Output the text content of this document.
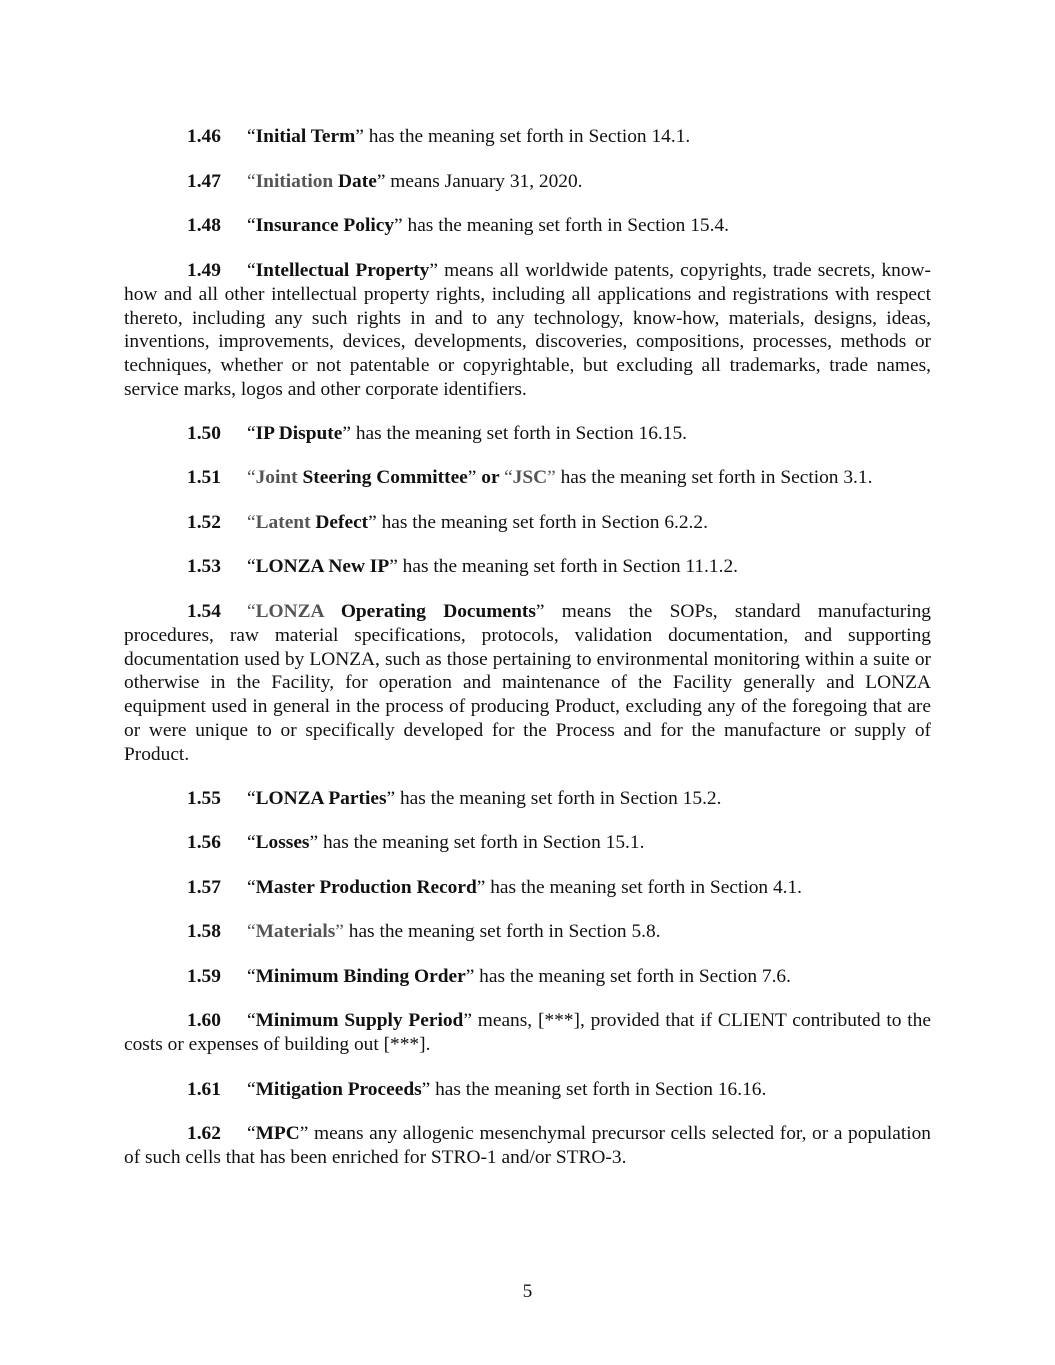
1.46 “Initial Term” has the meaning set forth in Section 14.1.

1.47 “Initiation Date” means January 31, 2020.

1.48 “Insurance Policy” has the meaning set forth in Section 15.4.

1.49 “Intellectual Property” means all worldwide patents, copyrights, trade secrets, know-how and all other intellectual property rights, including all applications and registrations with respect thereto, including any such rights in and to any technology, know-how, materials, designs, ideas, inventions, improvements, devices, developments, discoveries, compositions, processes, methods or techniques, whether or not patentable or copyrightable, but excluding all trademarks, trade names, service marks, logos and other corporate identifiers.

1.50 “IP Dispute” has the meaning set forth in Section 16.15.

1.51 “Joint Steering Committee” or “JSC” has the meaning set forth in Section 3.1.

1.52 “Latent Defect” has the meaning set forth in Section 6.2.2.

1.53 “LONZA New IP” has the meaning set forth in Section 11.1.2.

1.54 “LONZA Operating Documents” means the SOPs, standard manufacturing procedures, raw material specifications, protocols, validation documentation, and supporting documentation used by LONZA, such as those pertaining to environmental monitoring within a suite or otherwise in the Facility, for operation and maintenance of the Facility generally and LONZA equipment used in general in the process of producing Product, excluding any of the foregoing that are or were unique to or specifically developed for the Process and for the manufacture or supply of Product.

1.55 “LONZA Parties” has the meaning set forth in Section 15.2.

1.56 “Losses” has the meaning set forth in Section 15.1.

1.57 “Master Production Record” has the meaning set forth in Section 4.1.

1.58 “Materials” has the meaning set forth in Section 5.8.

1.59 “Minimum Binding Order” has the meaning set forth in Section 7.6.

1.60 “Minimum Supply Period” means, [***], provided that if CLIENT contributed to the costs or expenses of building out [***].

1.61 “Mitigation Proceeds” has the meaning set forth in Section 16.16.

1.62 “MPC” means any allogenic mesenchymal precursor cells selected for, or a population of such cells that has been enriched for STRO-1 and/or STRO-3.

5
